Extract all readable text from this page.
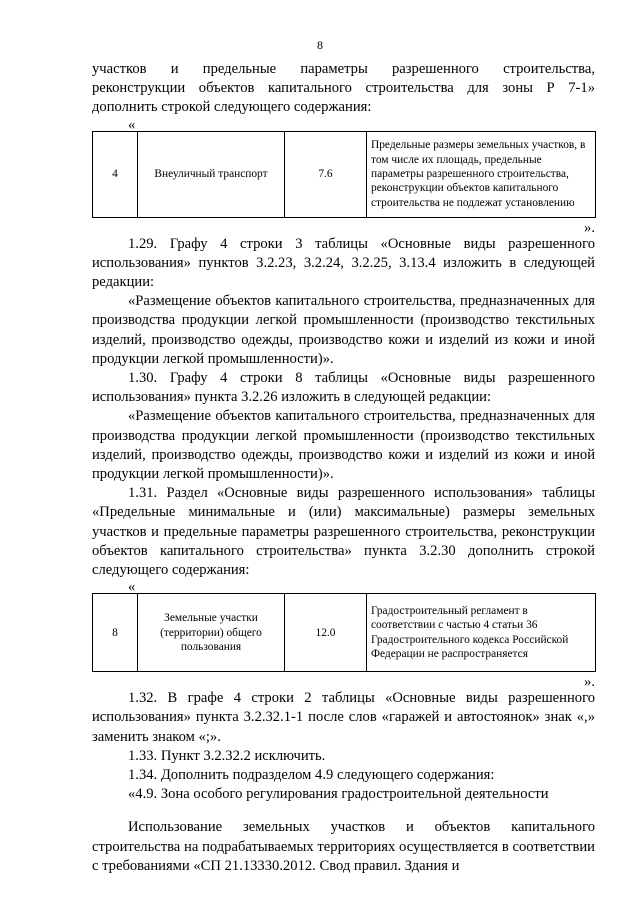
8

участков и предельные параметры разрешенного строительства,

реконструкции объектов капитального строительства для зоны Р 7-1»

дополнить строкой следующего содержания:

«

4	Внеуличный транспорт	7.6	Предельные размеры земельных участков, в том числе их площадь, предельные параметры разрешенного строительства, реконструкции объектов капитального строительства не подлежат установлению

».

1.29. Графу 4 строки 3 таблицы «Основные виды разрешенного использования» пунктов 3.2.23, 3.2.24, 3.2.25, 3.13.4 изложить в следующей редакции:

«Размещение объектов капитального строительства, предназначенных для производства продукции легкой промышленности (производство текстильных изделий, производство одежды, производство кожи и изделий из кожи и иной продукции легкой промышленности)».

1.30. Графу 4 строки 8 таблицы «Основные виды разрешенного использования» пункта 3.2.26 изложить в следующей редакции:

«Размещение объектов капитального строительства, предназначенных для производства продукции легкой промышленности (производство текстильных изделий, производство одежды, производство кожи и изделий из кожи и иной продукции легкой промышленности)».

1.31. Раздел «Основные виды разрешенного использования» таблицы «Предельные минимальные и (или) максимальные) размеры земельных участков и предельные параметры разрешенного строительства, реконструкции объектов капитального строительства» пункта 3.2.30 дополнить строкой следующего содержания:

«

8	Земельные участки (территории) общего пользования	12.0	Градостроительный регламент в соответствии с частью 4 статьи 36 Градостроительного кодекса Российской Федерации не распространяется

».

1.32. В графе 4 строки 2 таблицы «Основные виды разрешенного использования» пункта 3.2.32.1-1 после слов «гаражей и автостоянок» знак «,» заменить знаком «;».

1.33. Пункт 3.2.32.2 исключить.

1.34. Дополнить подразделом 4.9 следующего содержания:

«4.9. Зона особого регулирования градостроительной деятельности

Использование земельных участков и объектов капитального строительства на подрабатываемых территориях осуществляется в соответствии с требованиями «СП 21.13330.2012. Свод правил. Здания и
